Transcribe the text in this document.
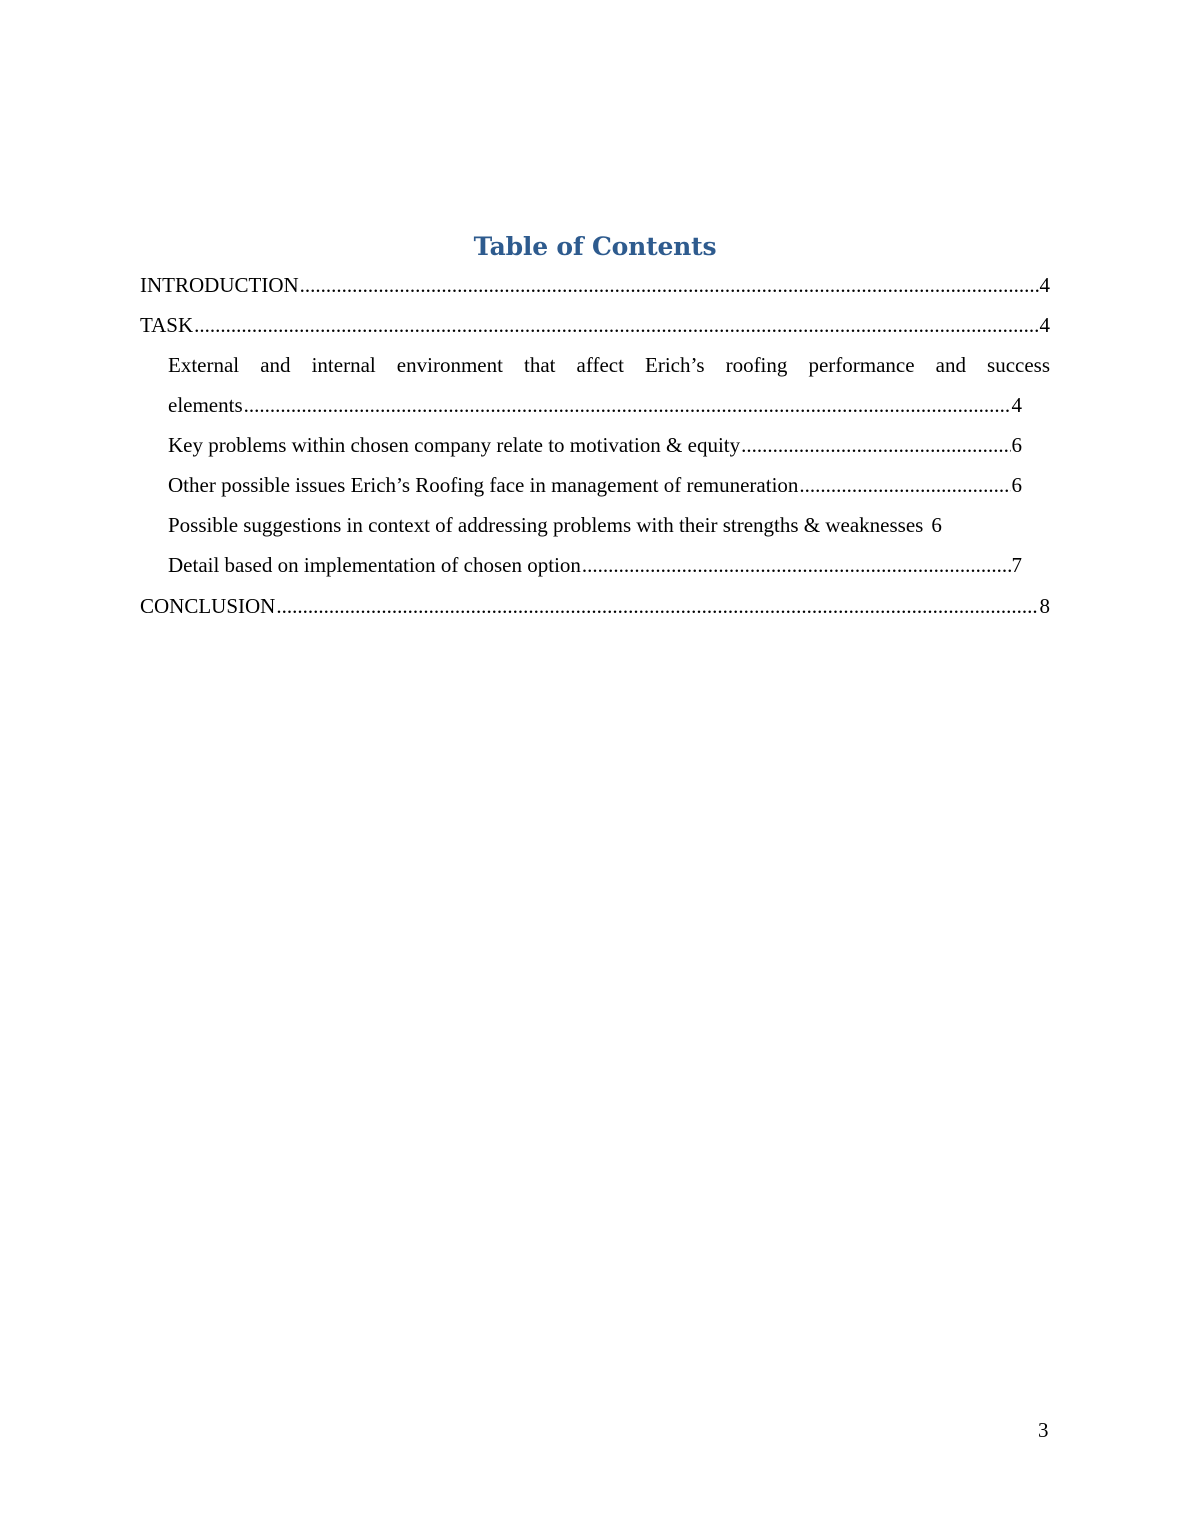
Table of Contents
INTRODUCTION .....	4
TASK .....	4
External and internal environment that affect Erich’s roofing performance and success
elements .....	4
Key problems within chosen company relate to motivation & equity .....	6
Other possible issues Erich’s Roofing face in management of remuneration .....	6
Possible suggestions in context of addressing problems with their strengths & weaknesses 6
Detail based on implementation of chosen option .....	7
CONCLUSION .....	8
3
